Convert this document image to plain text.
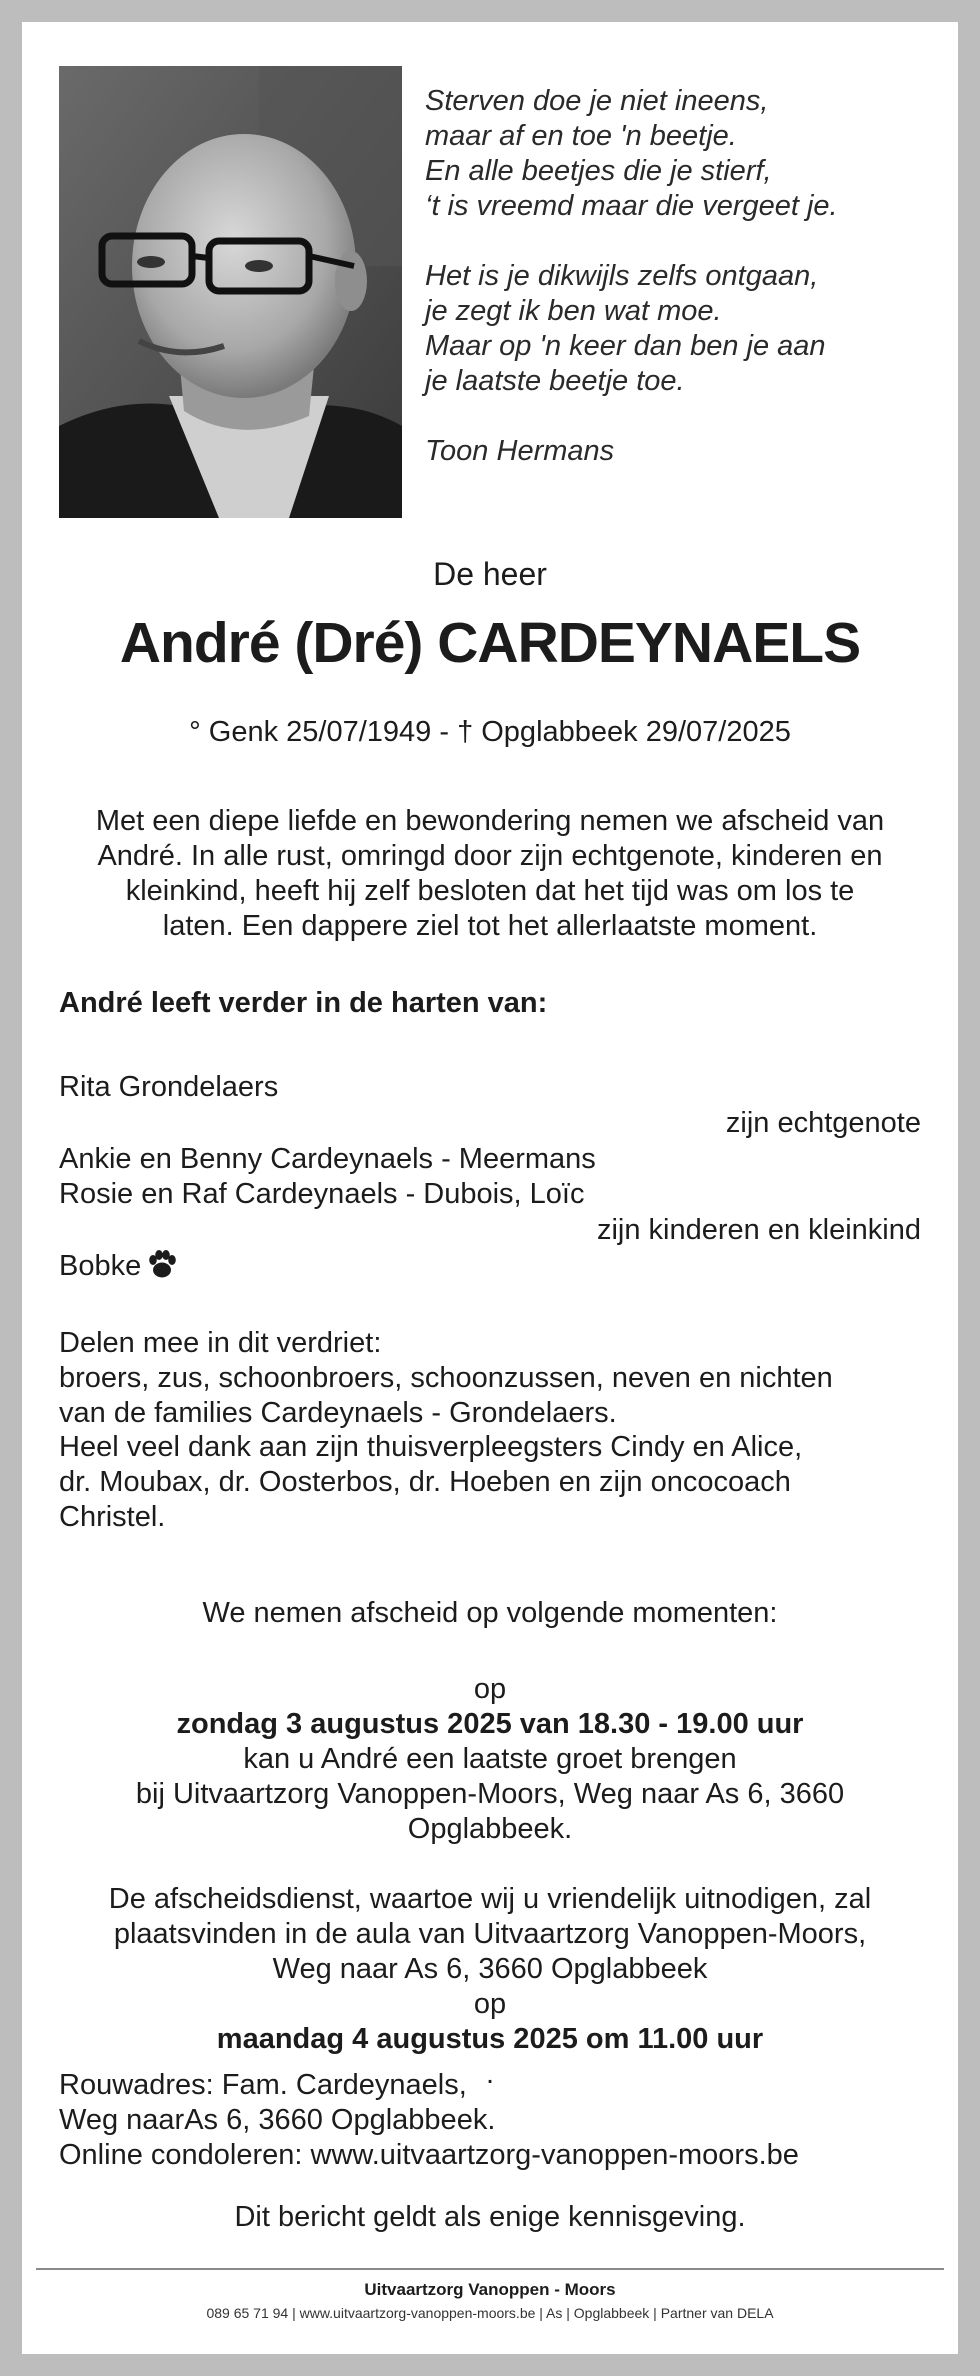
Sterven doe je niet ineens,
maar af en toe 'n beetje.
En alle beetjes die je stierf,
‘t is vreemd maar die vergeet je.

Het is je dikwijls zelfs ontgaan,
je zegt ik ben wat moe.
Maar op 'n keer dan ben je aan
je laatste beetje toe.

Toon Hermans

De heer
André (Dré) CARDEYNAELS
° Genk 25/07/1949 - † Opglabbeek 29/07/2025
Met een diepe liefde en bewondering nemen we afscheid van
André. In alle rust, omringd door zijn echtgenote, kinderen en
kleinkind, heeft hij zelf besloten dat het tijd was om los te
laten. Een dappere ziel tot het allerlaatste moment.
André leeft verder in de harten van:
Rita Grondelaers
zijn echtgenote
Ankie en Benny Cardeynaels - Meermans
Rosie en Raf Cardeynaels - Dubois, Loïc
zijn kinderen en kleinkind
Bobke
Delen mee in dit verdriet:
broers, zus, schoonbroers, schoonzussen, neven en nichten
van de families Cardeynaels - Grondelaers.
Heel veel dank aan zijn thuisverpleegsters Cindy en Alice,
dr. Moubax, dr. Oosterbos, dr. Hoeben en zijn oncocoach
Christel.
We nemen afscheid op volgende momenten:
op
zondag 3 augustus 2025 van 18.30 - 19.00 uur
kan u André een laatste groet brengen
bij Uitvaartzorg Vanoppen-Moors, Weg naar As 6, 3660
Opglabbeek.
De afscheidsdienst, waartoe wij u vriendelijk uitnodigen, zal
plaatsvinden in de aula van Uitvaartzorg Vanoppen-Moors,
Weg naar As 6, 3660 Opglabbeek
op
maandag 4 augustus 2025 om 11.00 uur
.
Rouwadres: Fam. Cardeynaels,
Weg naarAs 6, 3660 Opglabbeek.
Online condoleren: www.uitvaartzorg-vanoppen-moors.be
Dit bericht geldt als enige kennisgeving.
Uitvaartzorg Vanoppen - Moors
089 65 71 94 | www.uitvaartzorg-vanoppen-moors.be | As | Opglabbeek | Partner van DELA
